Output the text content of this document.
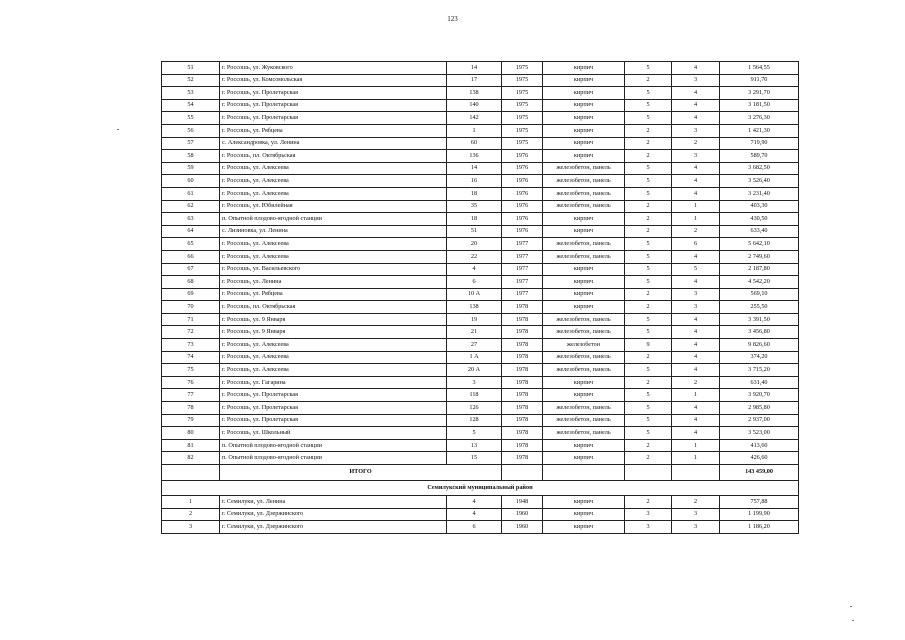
123
51	г. Россошь, ул. Жуковского	14	1975	кирпич	5	4	1 564,55
52	г. Россошь, ул. Комсомольская	17	1975	кирпич	2	3	911,70
53	г. Россошь, ул. Пролетарская	138	1975	кирпич	5	4	3 291,70
54	г. Россошь, ул. Пролетарская	140	1975	кирпич	5	4	3 181,50
55	г. Россошь, ул. Пролетарская	142	1975	кирпич	5	4	3 276,30
56	г. Россошь, ул. Рябцева	1	1975	кирпич	2	3	1 421,30
57	с. Александровка, ул. Ленина	60	1975	кирпич	2	2	719,90
58	г. Россошь, пл. Октябрьская	136	1976	кирпич	2	3	589,70
59	г. Россошь, ул. Алексеева	14	1976	железобетон, панель	5	4	3 682,50
60	г. Россошь, ул. Алексеева	16	1976	железобетон, панель	5	4	3 526,40
61	г. Россошь, ул. Алексеева	18	1976	железобетон, панель	5	4	3 231,40
62	г. Россошь, ул. Юбилейная	35	1976	железобетон, панель	2	1	403,30
63	п. Опытной плодово-ягодной станции	18	1976	кирпич	2	1	430,50
64	с. Лизиновка, ул. Ленина	51	1976	кирпич	2	2	633,40
65	г. Россошь, ул. Алексеева	20	1977	железобетон, панель	5	6	5 642,10
66	г. Россошь, ул. Алексеева	22	1977	железобетон, панель	5	4	2 749,60
67	г. Россошь, ул. Васильевского	4	1977	кирпич	5	5	2 187,80
68	г. Россошь, ул. Ленина	6	1977	кирпич	5	4	4 542,20
69	г. Россошь, ул. Рябцева	10 А	1977	кирпич	2	3	569,10
70	г. Россошь, пл. Октябрьская	138	1978	кирпич	2	3	255,50
71	г. Россошь, ул. 9 Января	19	1978	железобетон, панель	5	4	3 391,50
72	г. Россошь, ул. 9 Января	21	1978	железобетон, панель	5	4	3 456,80
73	г. Россошь, ул. Алексеева	27	1978	железобетон	9	4	9 826,60
74	г. Россошь, ул. Алексеева	1 А	1978	железобетон, панель	2	4	374,20
75	г. Россошь, ул. Алексеева	20 А	1978	железобетон, панель	5	4	3 715,20
76	г. Россошь, ул. Гагарина	3	1978	кирпич	2	2	631,40
77	г. Россошь, ул. Пролетарская	118	1978	кирпич	5	1	3 920,70
78	г. Россошь, ул. Пролетарская	126	1978	железобетон, панель	5	4	2 985,80
79	г. Россошь, ул. Пролетарская	128	1978	железобетон, панель	5	4	2 937,00
80	г. Россошь, ул. Школьный	5	1978	железобетон, панель	5	4	3 523,00
81	п. Опытной плодово-ягодной станции	13	1978	кирпич	2	1	413,60
82	п. Опытной плодово-ягодной станции	15	1978	кирпич	2	1	426,60
	ИТОГО						143 459,00
Семилукский муниципальный район							
1	г. Семилуки, ул. Ленина	4	1948	кирпич	2	2	757,88
2	г. Семилуки, ул. Дзержинского	4	1960	кирпич	3	3	1 199,90
3	г. Семилуки, ул. Дзержинского	6	1960	кирпич	3	3	1 186,20
